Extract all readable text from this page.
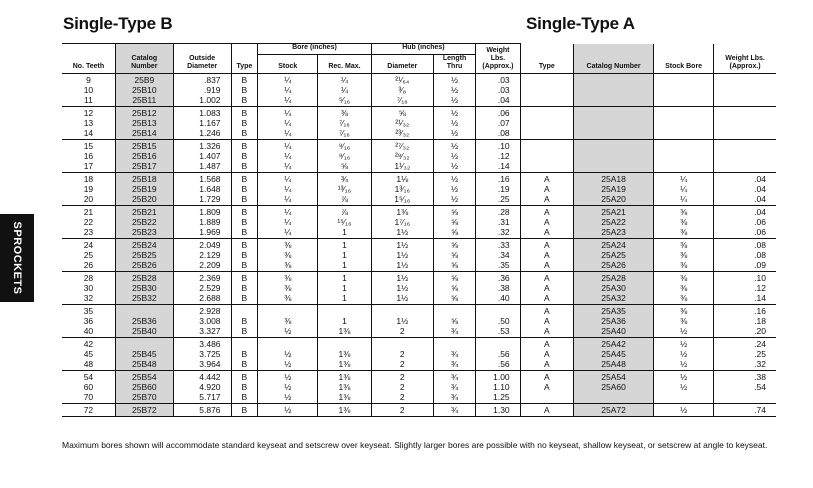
Single-Type B	Single-Type A
SPROCKETS
No. Teeth	Catalog Number	Outside Diameter	Type	Bore (inches)		Hub (inches)		Weight Lbs. (Approx.)	Type	Catalog Number	Stock Bore	Weight Lbs. (Approx.)
				Stock	Rec. Max.	Diameter	Length Thru					
9	25B9	.837	B	¼	¼	²¹⁄₆₄	½	.03				
10	25B10	.919	B	¼	¼	³⁄₈	½	.03				
11	25B11	1.002	B	¼	⁵⁄₁₆	⁷⁄₁₆	½	.04				
12	25B12	1.083	B	¼	⅜	⅝	½	.06				
13	25B13	1.167	B	¼	⁷⁄₁₆	²¹⁄₃₂	½	.07				
14	25B14	1.246	B	¼	⁷⁄₁₆	²³⁄₃₂	½	.08				
15	25B15	1.326	B	¼	⁹⁄₁₆	²⁷⁄₃₂	½	.10				
16	25B16	1.407	B	¼	⁹⁄₁₆	²⁹⁄₃₂	½	.12				
17	25B17	1.487	B	¼	⅝	1¹⁄₃₂	½	.14				
18	25B18	1.568	B	¼	¾	1⅛	½	.16	A	25A18	¼	.04
19	25B19	1.648	B	¼	¹³⁄₁₆	1³⁄₁₆	½	.19	A	25A19	¼	.04
20	25B20	1.729	B	¼	⅞	1⁵⁄₁₆	½	.25	A	25A20	¼	.04
21	25B21	1.809	B	¼	⅞	1⅜	⅝	.28	A	25A21	⅜	.04
22	25B22	1.889	B	¼	¹⁵⁄₁₆	1⁷⁄₁₆	⅝	.31	A	25A22	⅜	.06
23	25B23	1.969	B	¼	1	1½	⅝	.32	A	25A23	⅜	.06
24	25B24	2.049	B	⅜	1	1½	⅝	.33	A	25A24	⅜	.08
25	25B25	2.129	B	⅜	1	1½	⅝	.34	A	25A25	⅜	.08
26	25B26	2.209	B	⅜	1	1½	⅝	.35	A	25A26	⅜	.09
28	25B28	2.369	B	⅜	1	1½	⅝	.36	A	25A28	⅜	.10
30	25B30	2.529	B	⅜	1	1½	⅝	.38	A	25A30	⅜	.12
32	25B32	2.688	B	⅜	1	1½	⅝	.40	A	25A32	⅜	.14
35		2.928							A	25A35	⅜	.16
36	25B36	3.008	B	⅜	1	1½	⅝	.50	A	25A36	⅜	.18
40	25B40	3.327	B	½	1⅜	2	¾	.53	A	25A40	½	.20
42		3.486							A	25A42	½	.24
45	25B45	3.725	B	½	1⅜	2	¾	.56	A	25A45	½	.25
48	25B48	3.964	B	½	1⅜	2	¾	.56	A	25A48	½	.32
54	25B54	4.442	B	½	1⅜	2	¾	1.00	A	25A54	½	.38
60	25B60	4.920	B	½	1⅜	2	¾	1.10	A	25A60	½	.54
70	25B70	5.717	B	½	1⅜	2	¾	1.25				
72	25B72	5.876	B	½	1⅜	2	¾	1.30	A	25A72	½	.74
Maximum bores shown will accommodate standard keyseat and setscrew over keyseat. Slightly larger bores are possible with no keyseat, shallow keyseat, or setscrew at angle to keyseat.
